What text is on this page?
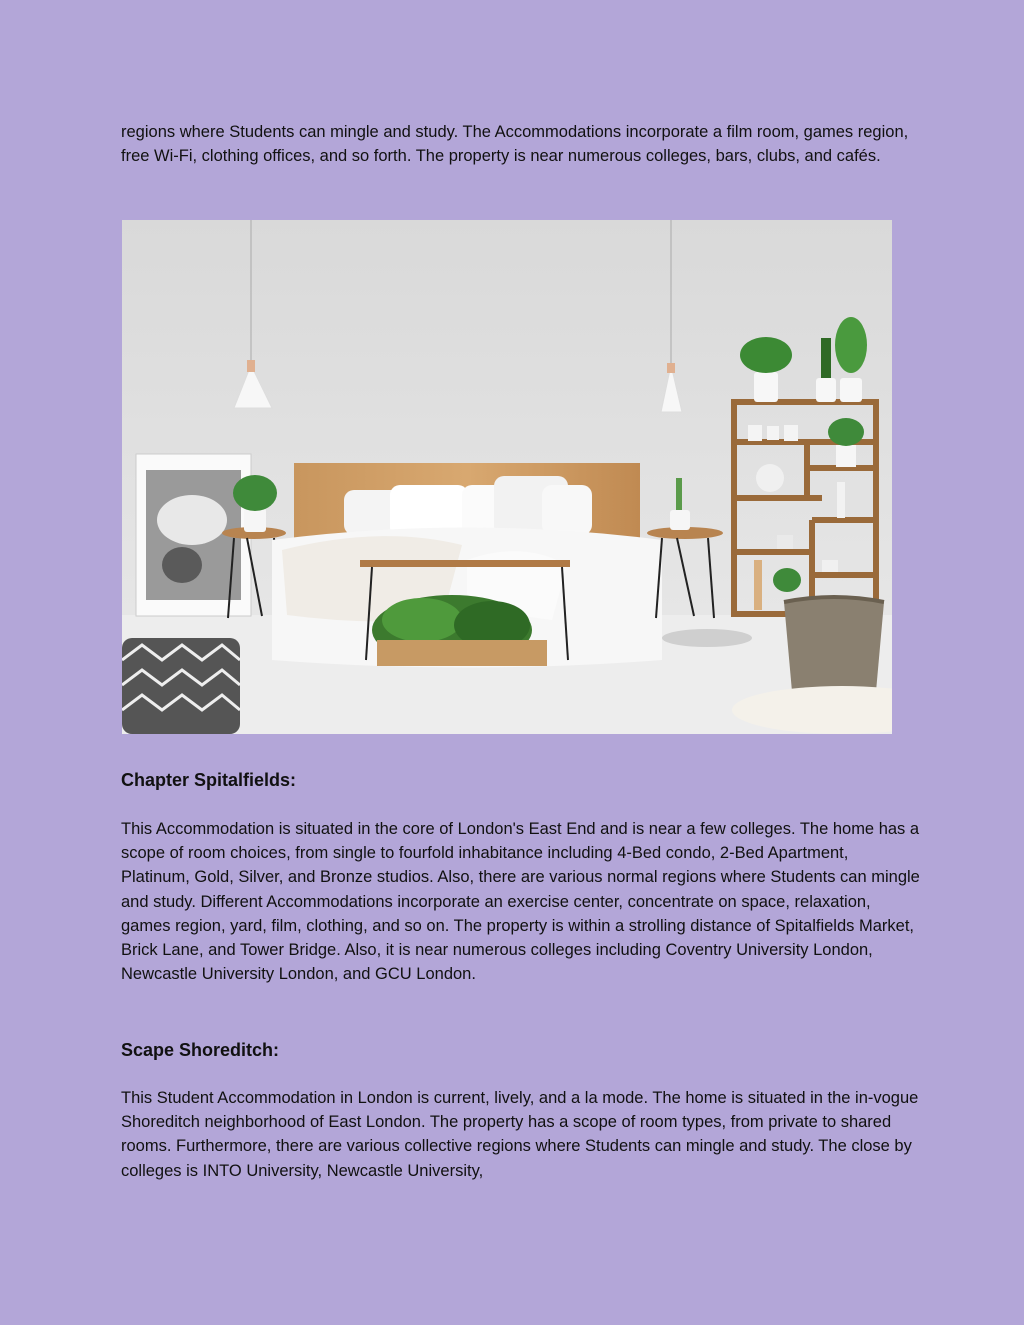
regions where Students can mingle and study. The Accommodations incorporate a film room, games region, free Wi-Fi, clothing offices, and so forth. The property is near numerous colleges, bars, clubs, and cafés.

Chapter Spitalfields:

This Accommodation is situated in the core of London's East End and is near a few colleges. The home has a scope of room choices, from single to fourfold inhabitance including 4-Bed condo, 2-Bed Apartment, Platinum, Gold, Silver, and Bronze studios. Also, there are various normal regions where Students can mingle and study. Different Accommodations incorporate an exercise center, concentrate on space, relaxation, games region, yard, film, clothing, and so on. The property is within a strolling distance of Spitalfields Market, Brick Lane, and Tower Bridge. Also, it is near numerous colleges including Coventry University London, Newcastle University London, and GCU London.

Scape Shoreditch:

This Student Accommodation in London is current, lively, and a la mode. The home is situated in the in-vogue Shoreditch neighborhood of East London. The property has a scope of room types, from private to shared rooms. Furthermore, there are various collective regions where Students can mingle and study. The close by colleges is INTO University, Newcastle University,
